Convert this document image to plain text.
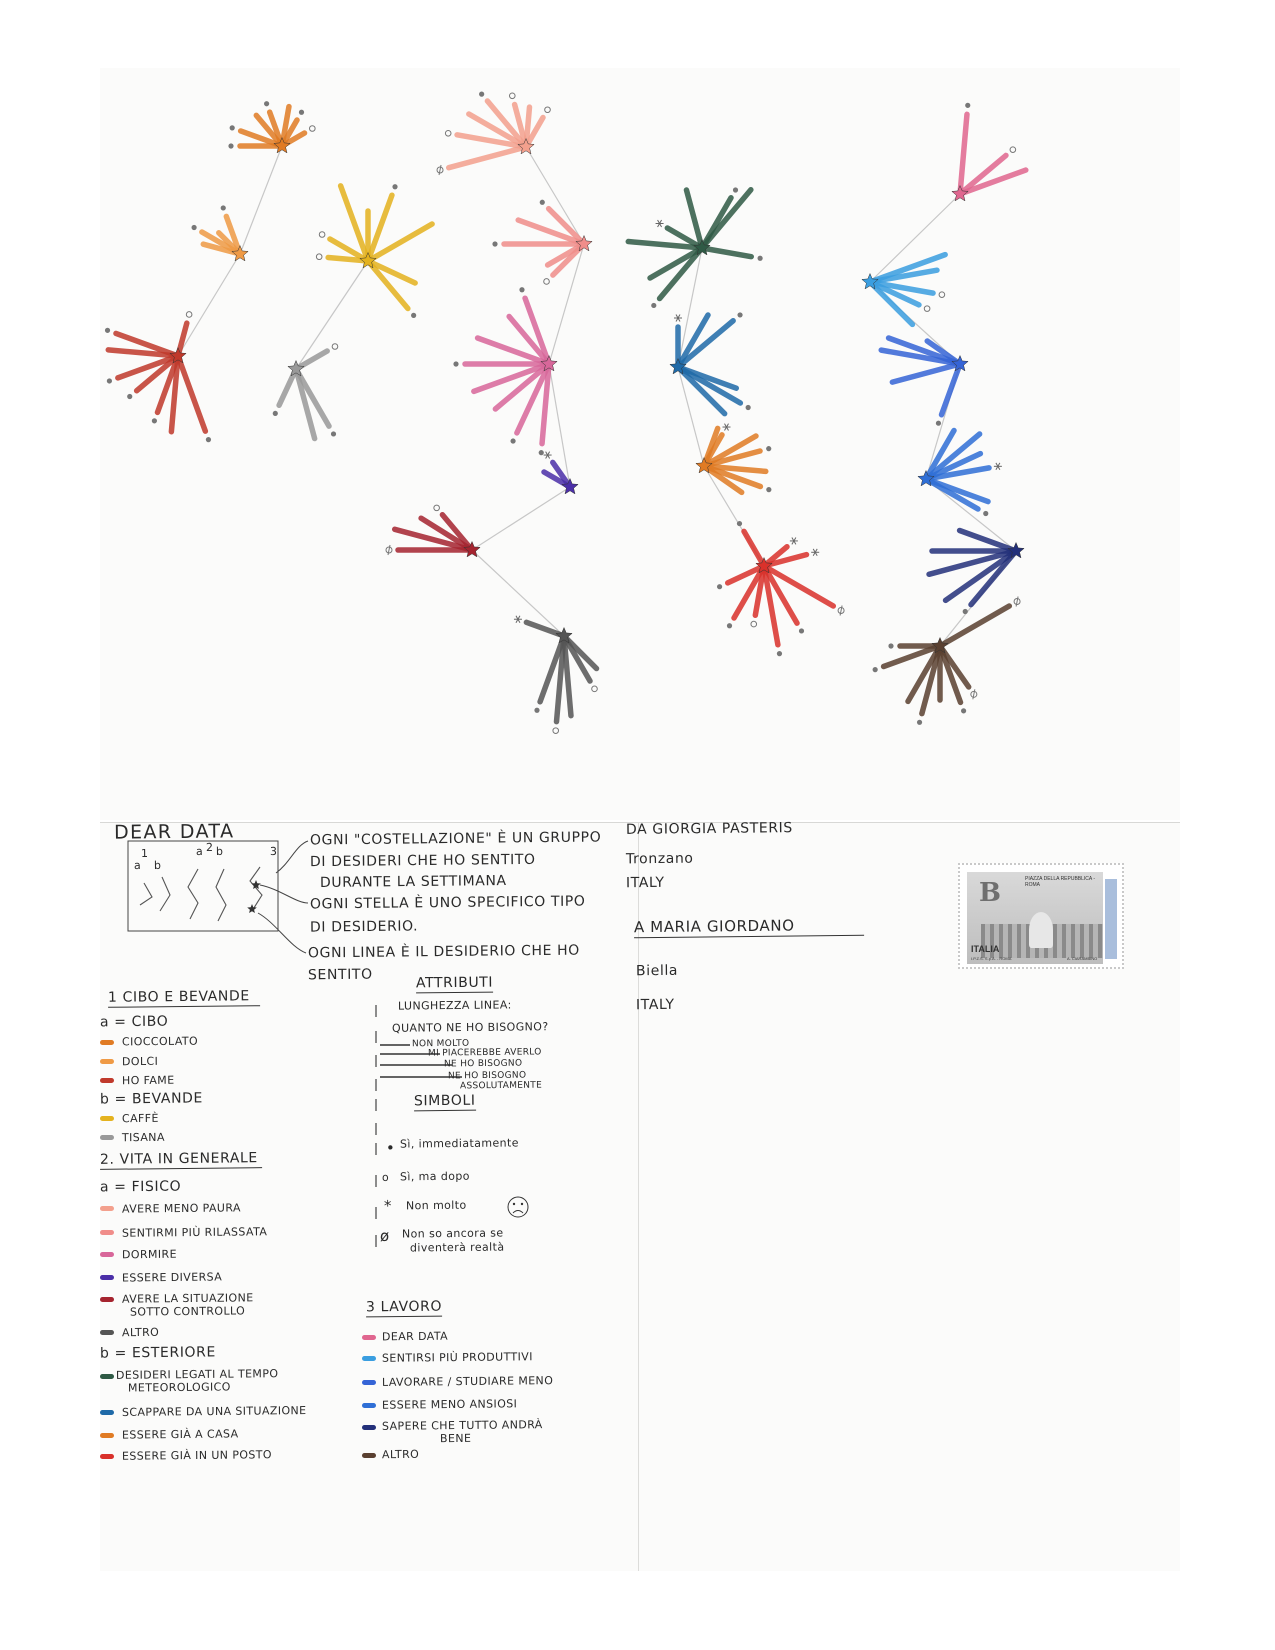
DEAR DATA
1
a b
a 2 b	3
OGNI "COSTELLAZIONE" È UN GRUPPO
DI DESIDERI CHE HO SENTITO
DURANTE LA SETTIMANA
OGNI STELLA È UNO SPECIFICO TIPO
DI DESIDERIO.
OGNI LINEA È IL DESIDERIO CHE HO
SENTITO
1 CIBO E BEVANDE
a = CIBO
CIOCCOLATO
DOLCI
HO FAME
b = BEVANDE
CAFFÈ
TISANA
2. VITA IN GENERALE
a = FISICO
AVERE MENO PAURA
SENTIRMI PIÙ RILASSATA
DORMIRE
ESSERE DIVERSA
AVERE LA SITUAZIONE
SOTTO CONTROLLO
ALTRO
b = ESTERIORE
DESIDERI LEGATI AL TEMPO
METEOROLOGICO
SCAPPARE DA UNA SITUAZIONE
ESSERE GIÀ A CASA
ESSERE GIÀ IN UN POSTO
ATTRIBUTI
LUNGHEZZA LINEA:
QUANTO NE HO BISOGNO?
NON MOLTO
MI PIACEREBBE AVERLO
NE HO BISOGNO
NE HO BISOGNO
ASSOLUTAMENTE
SIMBOLI
• Sì, immediatamente
o Sì, ma dopo
* Non molto
ø Non so ancora se
diventerà realtà
3 LAVORO
DEAR DATA
SENTIRSI PIÙ PRODUTTIVI
LAVORARE / STUDIARE MENO
ESSERE MENO ANSIOSI
SAPERE CHE TUTTO ANDRÀ
BENE
ALTRO
DA GIORGIA PASTERIS
Tronzano
ITALY
A MARIA GIORDANO
Biella
ITALY
B	PIAZZA DELLA REPUBBLICA - ROMA
ITALIA
I.P.Z.S. S.p.A. - ROMA	A. CIARAMBINO
